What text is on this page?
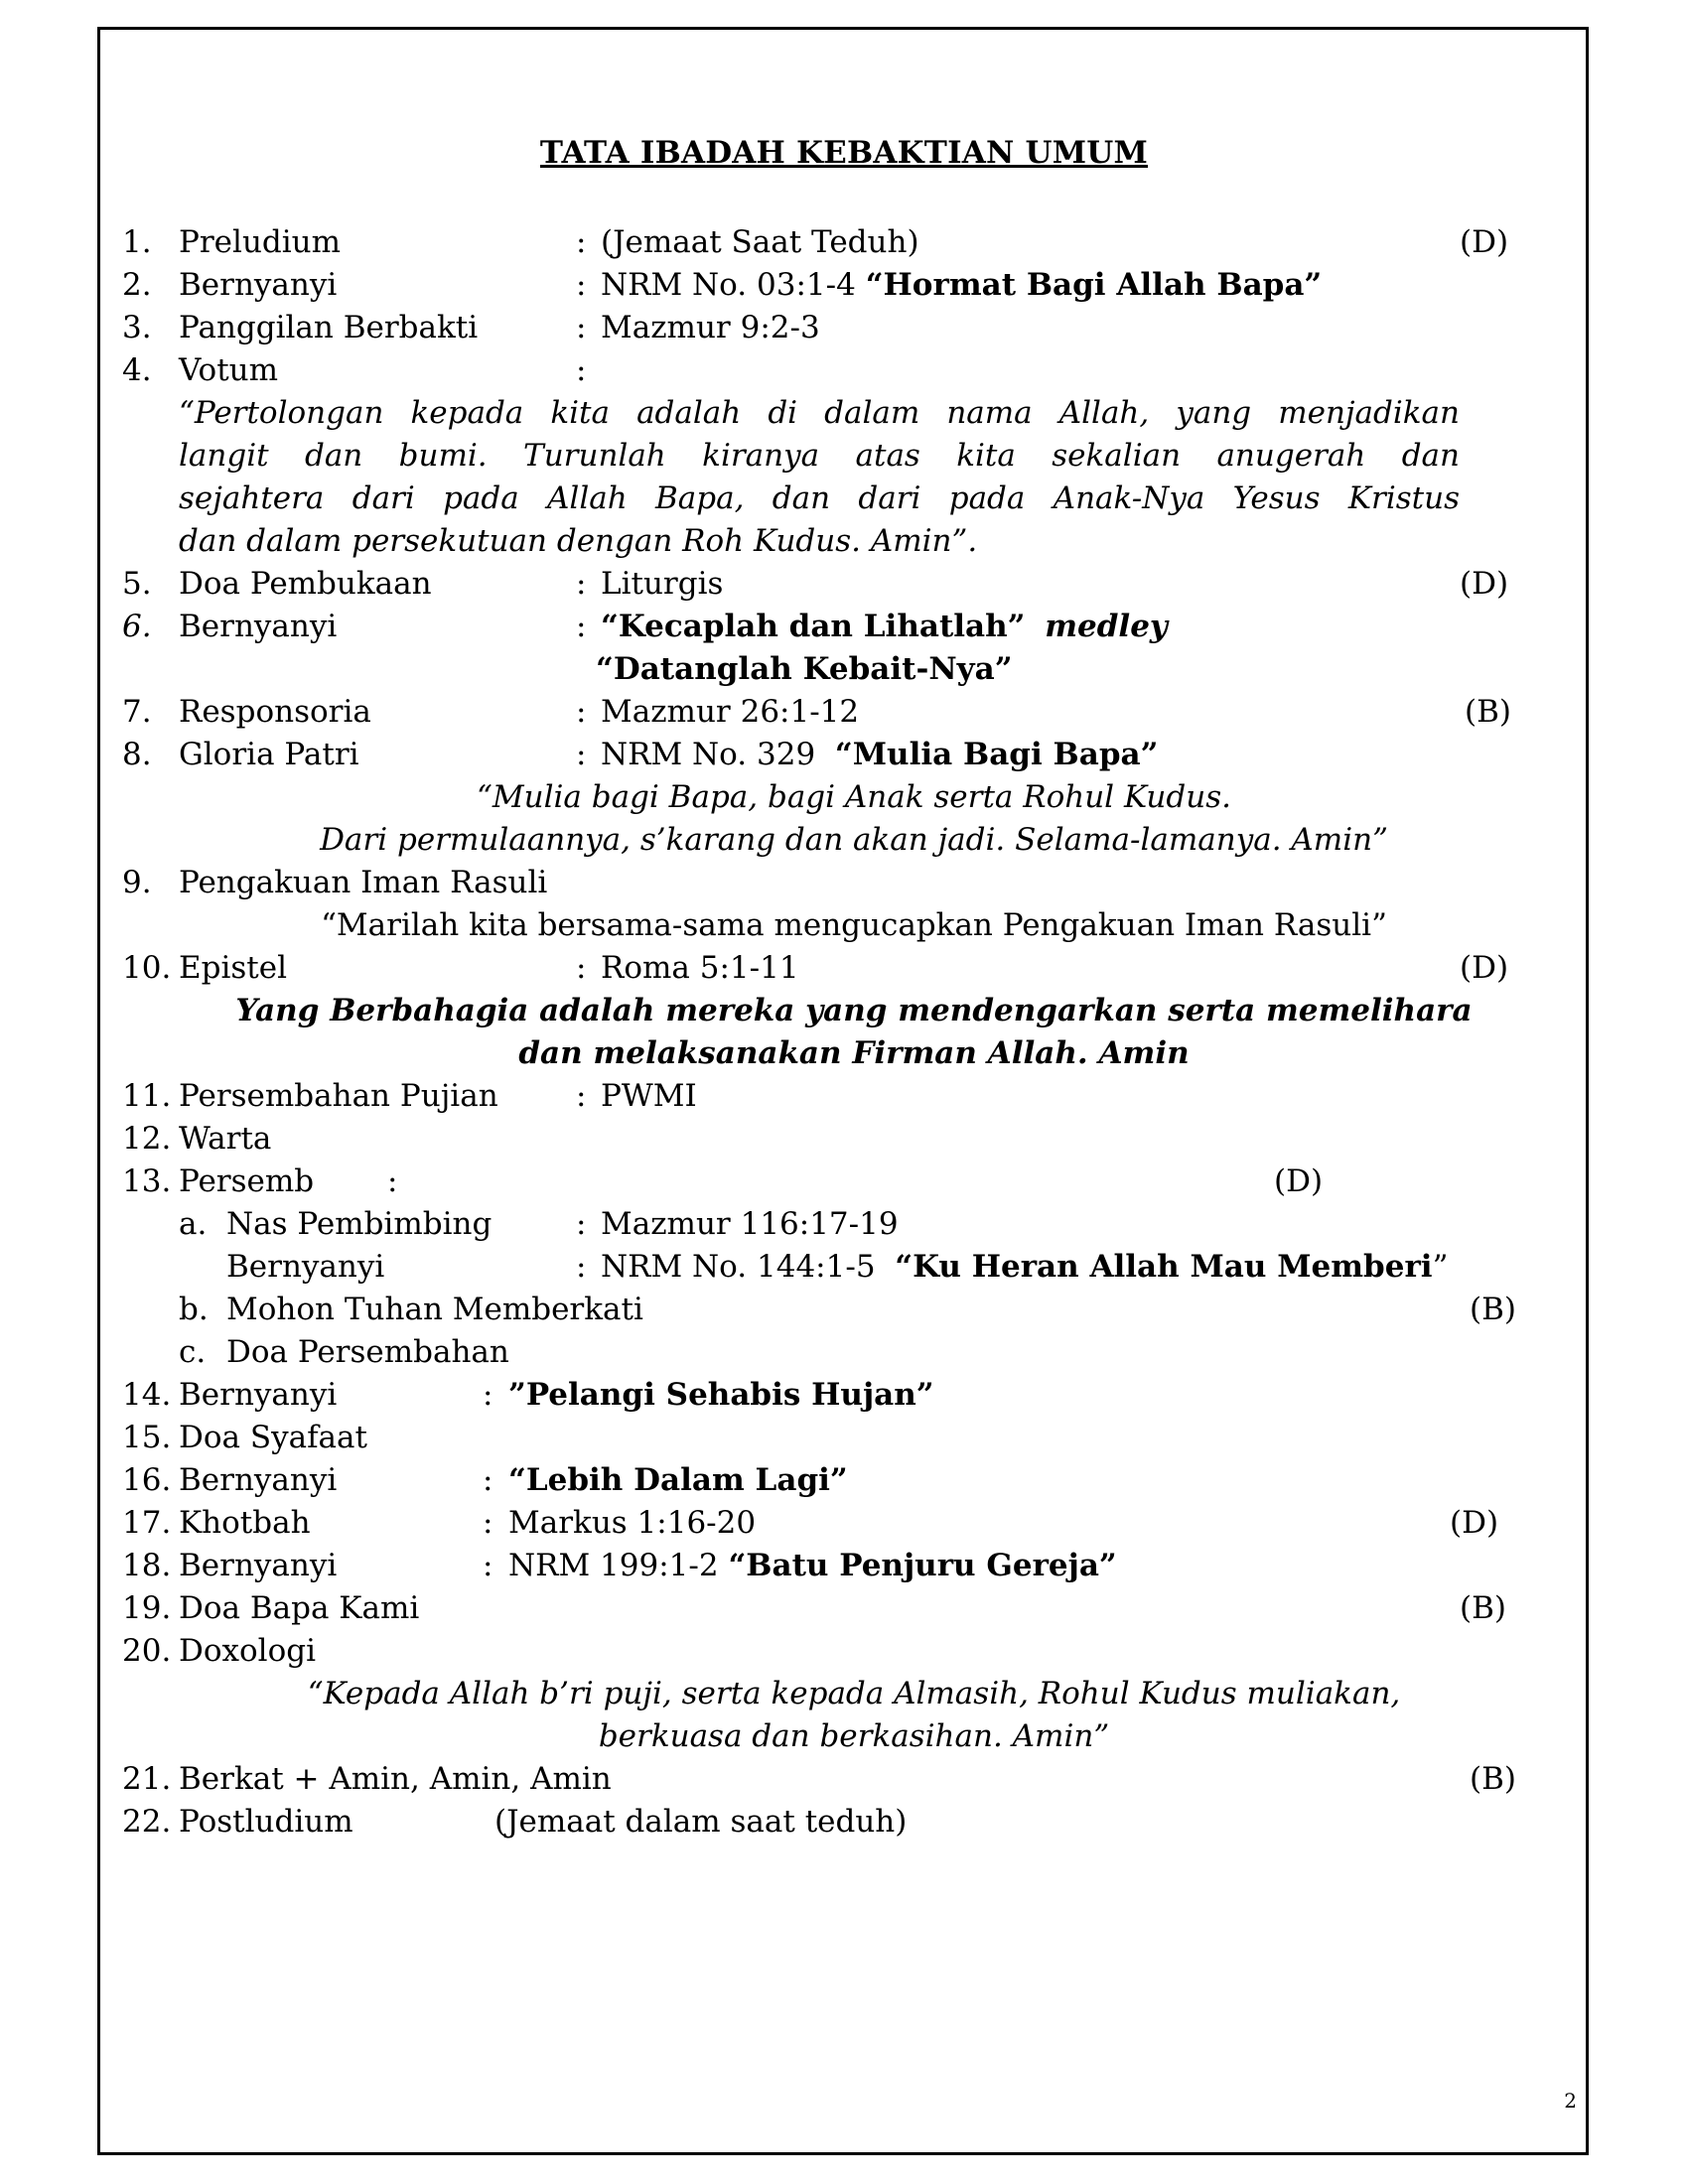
TATA IBADAH KEBAKTIAN UMUM
1. Preludium	: (Jemaat Saat Teduh)	(D)
2. Bernyanyi	: NRM No. 03:1-4 “Hormat Bagi Allah Bapa”
3. Panggilan Berbakti	: Mazmur 9:2-3
4. Votum	:
“Pertolongan kepada kita adalah di dalam nama Allah, yang menjadikan
langit dan bumi. Turunlah kiranya atas kita sekalian anugerah dan
sejahtera dari pada Allah Bapa, dan dari pada Anak-Nya Yesus Kristus
dan dalam persekutuan dengan Roh Kudus. Amin”.
5. Doa Pembukaan	: Liturgis	(D)
6. Bernyanyi	: “Kecaplah dan Lihatlah” medley
“Datanglah Kebait-Nya”
7. Responsoria	: Mazmur 26:1-12	(B)
8. Gloria Patri	: NRM No. 329  “Mulia Bagi Bapa”
“Mulia bagi Bapa, bagi Anak serta Rohul Kudus.
Dari permulaannya, s’karang dan akan jadi. Selama-lamanya. Amin”
9. Pengakuan Iman Rasuli
“Marilah kita bersama-sama mengucapkan Pengakuan Iman Rasuli”
10. Epistel	: Roma 5:1-11	(D)
Yang Berbahagia adalah mereka yang mendengarkan serta memelihara
dan melaksanakan Firman Allah. Amin
11. Persembahan Pujian	: PWMI
12. Warta
13. Persemb :	(D)
a. Nas Pembimbing	: Mazmur 116:17-19
Bernyanyi	: NRM No. 144:1-5  “Ku Heran Allah Mau Memberi”
b. Mohon Tuhan Memberkati	(B)
c. Doa Persembahan
14. Bernyanyi	: ”Pelangi Sehabis Hujan”
15. Doa Syafaat
16. Bernyanyi	: “Lebih Dalam Lagi”
17. Khotbah	: Markus 1:16-20	(D)
18. Bernyanyi	: NRM 199:1-2 “Batu Penjuru Gereja”
19. Doa Bapa Kami	(B)
20. Doxologi
“Kepada Allah b’ri puji, serta kepada Almasih, Rohul Kudus muliakan,
berkuasa dan berkasihan. Amin”
21. Berkat + Amin, Amin, Amin	(B)
22. Postludium	(Jemaat dalam saat teduh)
2
